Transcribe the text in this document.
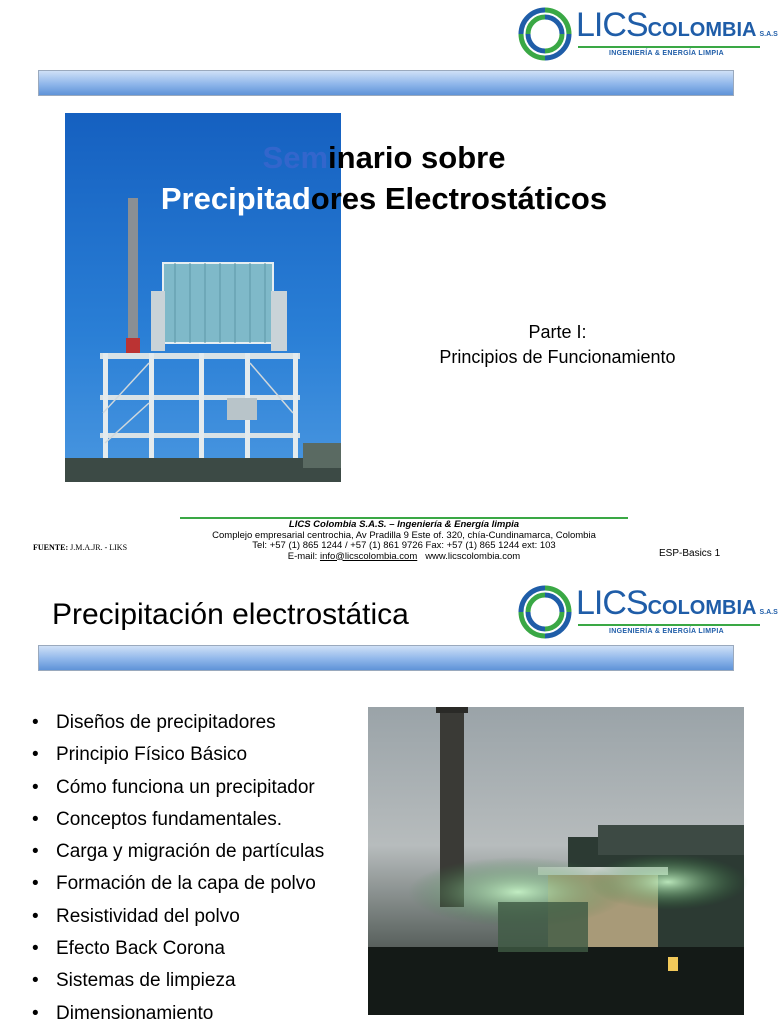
LICSCOLOMBIA S.A.S
INGENIERÍA & ENERGÍA LIMPIA
Seminario sobre
Precipitadores Electrostáticos
Parte I:
Principios de Funcionamiento
LICS Colombia S.A.S. – Ingeniería & Energía limpia
Complejo empresarial centrochia, Av Pradilla 9 Este of. 320, chía-Cundinamarca, Colombia
Tel: +57 (1) 865 1244 / +57 (1) 861 9726 Fax: +57 (1) 865 1244 ext: 103
E-mail: info@licscolombia.com www.licscolombia.com
FUENTE: J.M.A.JR. - LIKS
ESP-Basics 1
Precipitación electrostática	LICSCOLOMBIA S.A.S
INGENIERÍA & ENERGÍA LIMPIA
• Diseños de precipitadores
• Principio Físico Básico
• Cómo funciona un precipitador
• Conceptos fundamentales.
• Carga y migración de partículas
• Formación de la capa de polvo
• Resistividad del polvo
• Efecto Back Corona
• Sistemas de limpieza
• Dimensionamiento
